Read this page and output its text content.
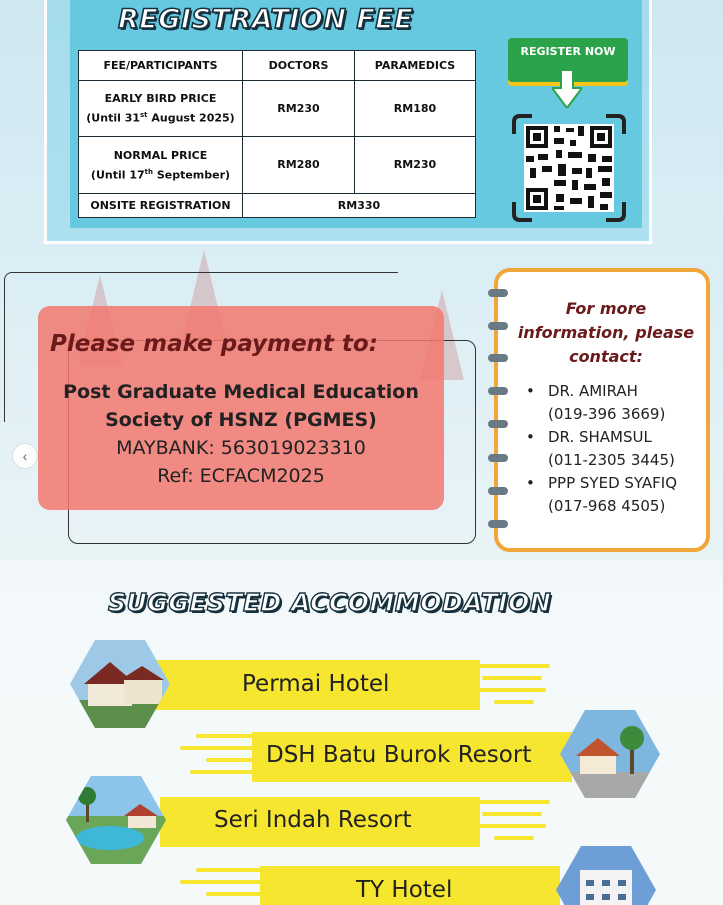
REGISTRATION FEE
FEE/PARTICIPANTS	DOCTORS	PARAMEDICS
EARLY BIRD PRICE
(Until 31st August 2025)	RM230	RM180
NORMAL PRICE
(Until 17th September)	RM280	RM230
ONSITE REGISTRATION	RM330	
REGISTER NOW
Please make payment to:
Post Graduate Medical Education
Society of HSNZ (PGMES)
MAYBANK: 563019023310
Ref: ECFACM2025
‹
For more
information, please
contact:
• DR. AMIRAH
(019-396 3669)
• DR. SHAMSUL
(011-2305 3445)
• PPP SYED SYAFIQ
(017-968 4505)
SUGGESTED ACCOMMODATION
Permai Hotel
DSH Batu Burok Resort
Seri Indah Resort
TY Hotel
